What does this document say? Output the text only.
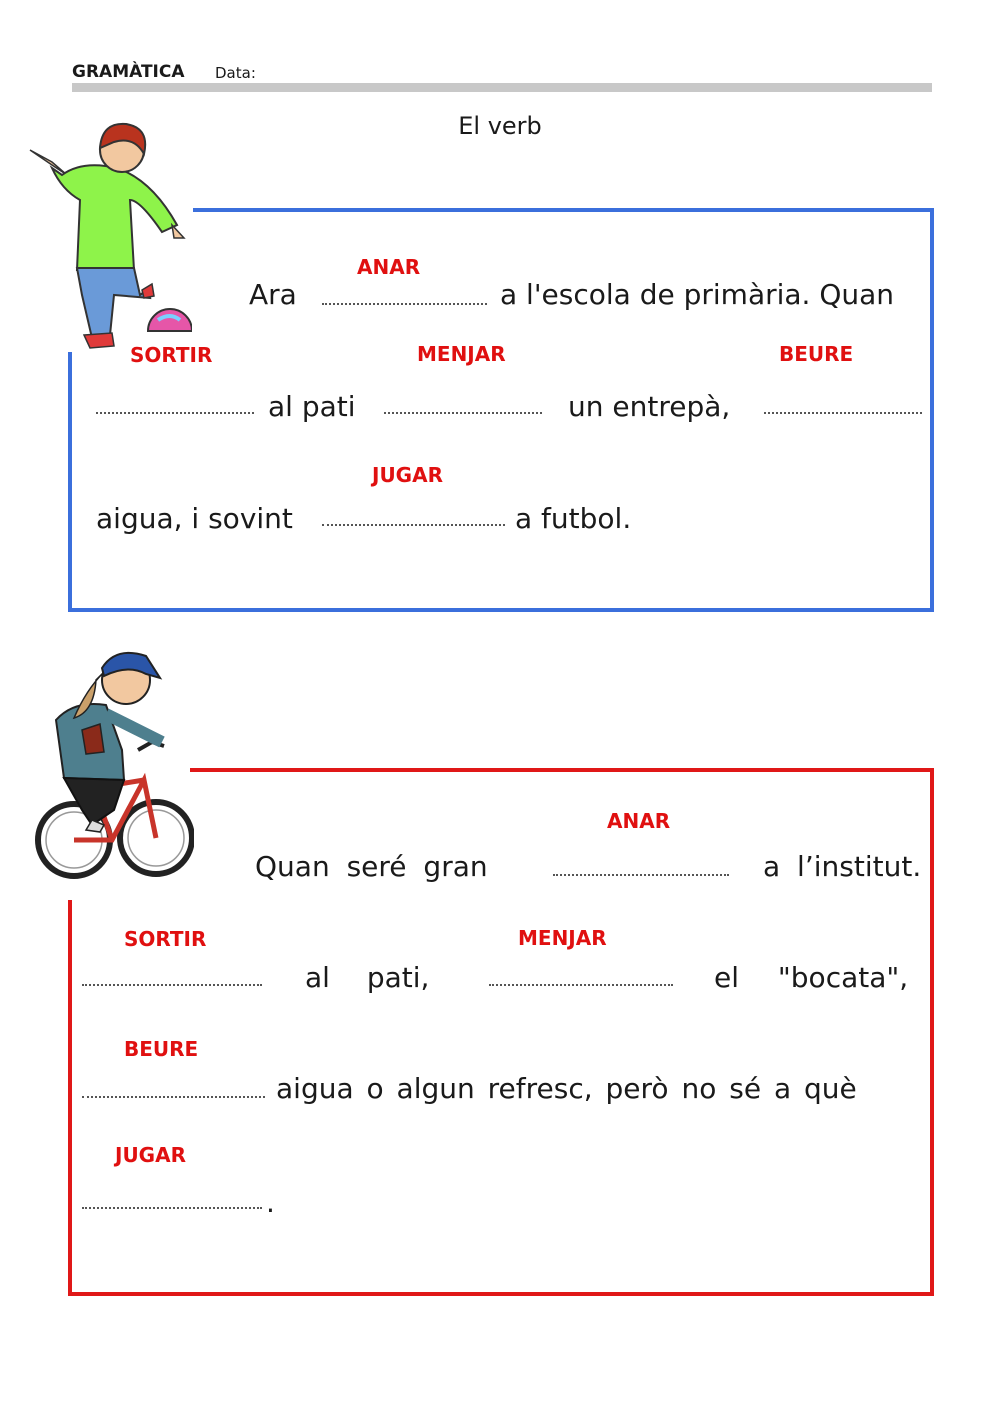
GRAMÀTICA Data:
El verb
ANAR
Ara	a l'escola de primària. Quan
SORTIR	MENJAR	BEURE
al pati	un entrepà,
JUGAR
aigua, i sovint	a futbol.
ANAR
Quan seré gran	a l’institut.
SORTIR	MENJAR
al pati,	el "bocata",
BEURE
aigua o algun refresc, però no sé a què
JUGAR
.
